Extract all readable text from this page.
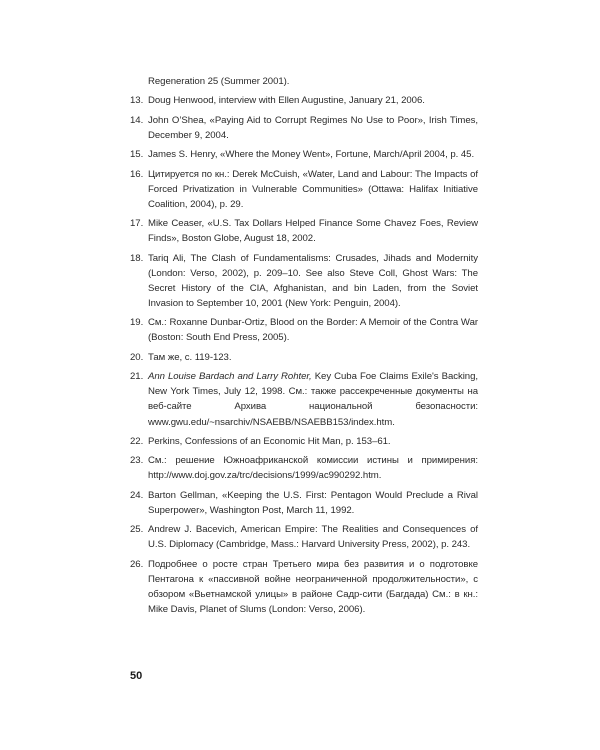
Regeneration 25 (Summer 2001).
13. Doug Henwood, interview with Ellen Augustine, January 21, 2006.
14. John O’Shea, «Paying Aid to Corrupt Regimes No Use to Poor», Irish Times, December 9, 2004.
15. James S. Henry, «Where the Money Went», Fortune, March/April 2004, p. 45.
16. Цитируется по кн.: Derek McCuish, «Water, Land and Labour: The Impacts of Forced Privatization in Vulnerable Communities» (Ottawa: Halifax Initiative Coalition, 2004), p. 29.
17. Mike Ceaser, «U.S. Tax Dollars Helped Finance Some Chavez Foes, Review Finds», Boston Globe, August 18, 2002.
18. Tariq Ali, The Clash of Fundamentalisms: Crusades, Jihads and Modernity (London: Verso, 2002), p. 209–10. See also Steve Coll, Ghost Wars: The Secret History of the CIA, Afghanistan, and bin Laden, from the Soviet Invasion to September 10, 2001 (New York: Penguin, 2004).
19. См.: Roxanne Dunbar-Ortiz, Blood on the Border: A Memoir of the Contra War (Boston: South End Press, 2005).
20. Там же, с. 119-123.
21. Ann Louise Bardach and Larry Rohter, Key Cuba Foe Claims Exile's Backing, New York Times, July 12, 1998. См.: также рассекреченные документы на веб-сайте Архива национальной безопасности: www.gwu.edu/~nsarchiv/NSAEBB/NSAEBB153/index.htm.
22. Perkins, Confessions of an Economic Hit Man, p. 153–61.
23. См.: решение Южноафриканской комиссии истины и примирения: http://www.doj.gov.za/trc/decisions/1999/ac990292.htm.
24. Barton Gellman, «Keeping the U.S. First: Pentagon Would Preclude a Rival Superpower», Washington Post, March 11, 1992.
25. Andrew J. Bacevich, American Empire: The Realities and Consequences of U.S. Diplomacy (Cambridge, Mass.: Harvard University Press, 2002), p. 243.
26. Подробнее о росте стран Третьего мира без развития и о подготовке Пентагона к «пассивной войне неограниченной продолжительности», с обзором «Вьетнамской улицы» в районе Садр-сити (Багдада) См.: в кн.: Mike Davis, Planet of Slums (London: Verso, 2006).
50
